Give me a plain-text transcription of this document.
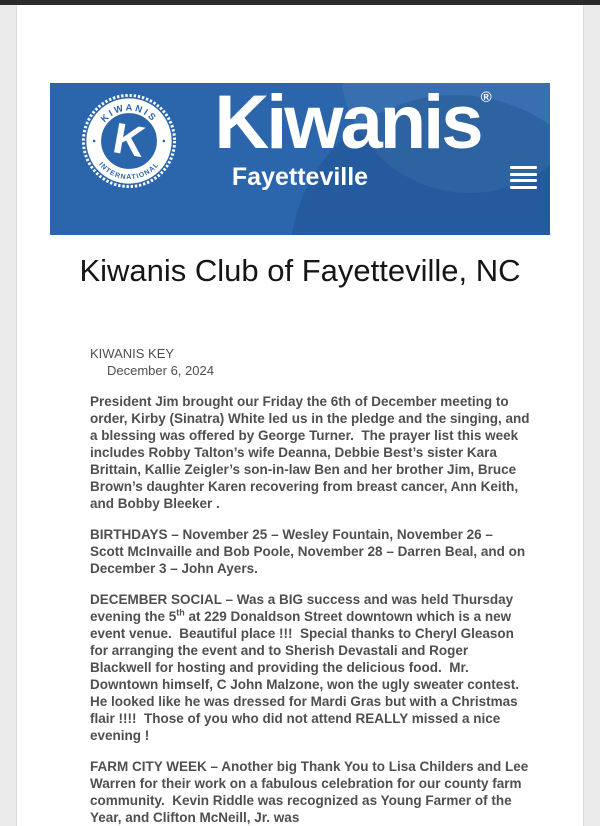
KIWANIS
INTERNATIONAL
K Kiwanis®
Fayetteville
Kiwanis Club of Fayetteville, NC
KIWANIS KEY
December 6, 2024

President Jim brought our Friday the 6th of December meeting to order, Kirby (Sinatra) White led us in the pledge and the singing, and a blessing was offered by George Turner.  The prayer list this week includes Robby Talton’s wife Deanna, Debbie Best’s sister Kara Brittain, Kallie Zeigler’s son-in-law Ben and her brother Jim, Bruce Brown’s daughter Karen recovering from breast cancer, Ann Keith, and Bobby Bleeker .

BIRTHDAYS – November 25 – Wesley Fountain, November 26 – Scott McInvaille and Bob Poole, November 28 – Darren Beal, and on December 3 – John Ayers.

DECEMBER SOCIAL – Was a BIG success and was held Thursday evening the 5th at 229 Donaldson Street downtown which is a new event venue.  Beautiful place !!!  Special thanks to Cheryl Gleason for arranging the event and to Sherish Devastali and Roger Blackwell for hosting and providing the delicious food.  Mr. Downtown himself, C John Malzone, won the ugly sweater contest.  He looked like he was dressed for Mardi Gras but with a Christmas flair !!!!  Those of you who did not attend REALLY missed a nice evening !

FARM CITY WEEK – Another big Thank You to Lisa Childers and Lee Warren for their work on a fabulous celebration for our county farm community.  Kevin Riddle was recognized as Young Farmer of the Year, and Clifton McNeill, Jr. was
